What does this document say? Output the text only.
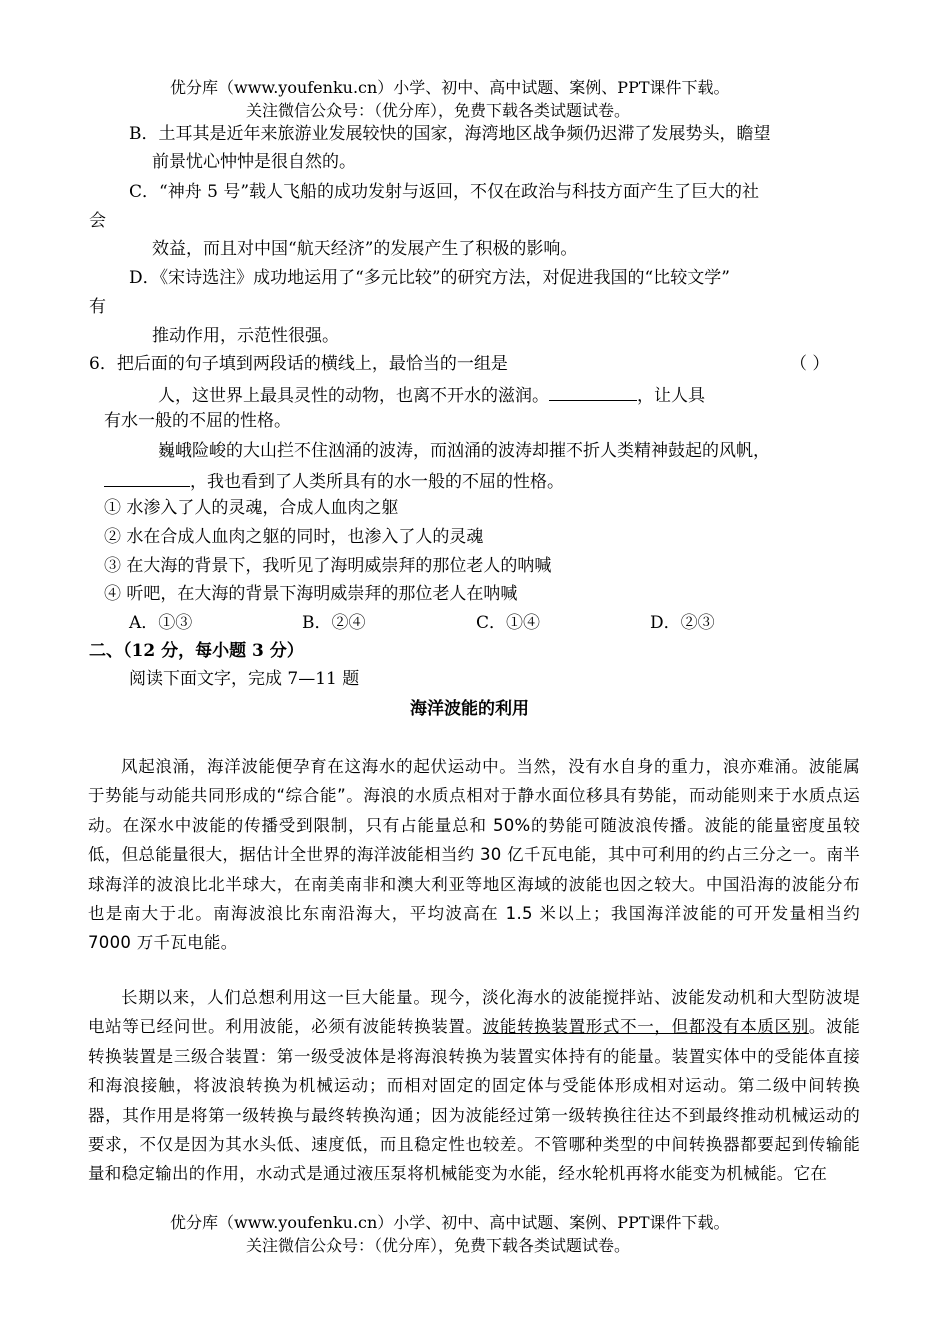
优分库（www.youfenku.cn）小学、初中、高中试题、案例、PPT课件下载。
关注微信公众号：（优分库），免费下载各类试题试卷。
B．土耳其是近年来旅游业发展较快的国家，海湾地区战争频仍迟滞了发展势头，瞻望
前景忧心忡忡是很自然的。
C．“神舟 5 号”载人飞船的成功发射与返回，不仅在政治与科技方面产生了巨大的社
会
效益，而且对中国“航天经济”的发展产生了积极的影响。
D．《宋诗选注》成功地运用了“多元比较”的研究方法，对促进我国的“比较文学”
有
推动作用，示范性很强。
6．把后面的句子填到两段话的横线上，最恰当的一组是	（ ）
人，这世界上最具灵性的动物，也离不开水的滋润。	，让人具
有水一般的不屈的性格。
巍峨险峻的大山拦不住汹涌的波涛，而汹涌的波涛却摧不折人类精神鼓起的风帆，
，我也看到了人类所具有的水一般的不屈的性格。
① 水渗入了人的灵魂，合成人血肉之躯
② 水在合成人血肉之躯的同时，也渗入了人的灵魂
③ 在大海的背景下，我听见了海明威崇拜的那位老人的呐喊
④ 听吧，在大海的背景下海明威崇拜的那位老人在呐喊
A．①③	B．②④	C．①④	D．②③
二、（12 分，每小题 3 分）
阅读下面文字，完成 7—11 题
海洋波能的利用
风起浪涌，海洋波能便孕育在这海水的起伏运动中。当然，没有水自身的重力，浪亦难涌。波能属于势能与动能共同形成的“综合能”。海浪的水质点相对于静水面位移具有势能，而动能则来于水质点运动。在深水中波能的传播受到限制，只有占能量总和 50%的势能可随波浪传播。波能的能量密度虽较低，但总能量很大，据估计全世界的海洋波能相当约 30 亿千瓦电能，其中可利用的约占三分之一。南半球海洋的波浪比北半球大，在南美南非和澳大利亚等地区海域的波能也因之较大。中国沿海的波能分布也是南大于北。南海波浪比东南沿海大，平均波高在 1.5 米以上；我国海洋波能的可开发量相当约 7000 万千瓦电能。
长期以来，人们总想利用这一巨大能量。现今，淡化海水的波能搅拌站、波能发动机和大型防波堤电站等已经问世。利用波能，必须有波能转换装置。波能转换装置形式不一，但都没有本质区别。波能转换装置是三级合装置：第一级受波体是将海浪转换为装置实体持有的能量。装置实体中的受能体直接和海浪接触，将波浪转换为机械运动；而相对固定的固定体与受能体形成相对运动。第二级中间转换器，其作用是将第一级转换与最终转换沟通；因为波能经过第一级转换往往达不到最终推动机械运动的要求，不仅是因为其水头低、速度低，而且稳定性也较差。不管哪种类型的中间转换器都要起到传输能量和稳定输出的作用，水动式是通过液压泵将机械能变为水能，经水轮机再将水能变为机械能。它在
优分库（www.youfenku.cn）小学、初中、高中试题、案例、PPT课件下载。
关注微信公众号：（优分库），免费下载各类试题试卷。
